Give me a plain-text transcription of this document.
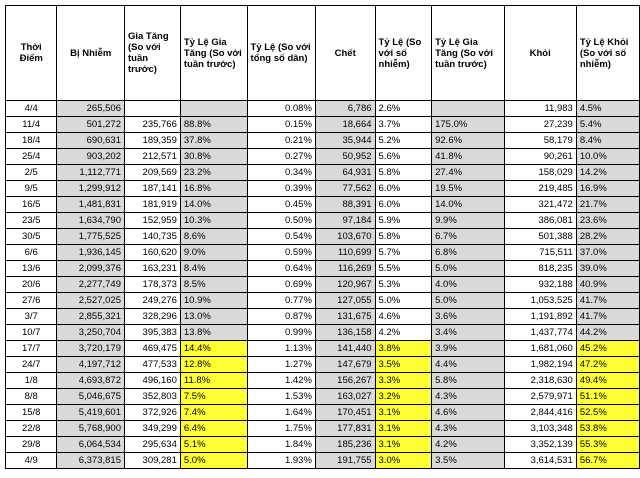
Thời Điểm	Bị Nhiễm	Gia Tăng (So với tuần trước)	Tỷ Lệ Gia Tăng (So với tuần trước)	Tỷ Lệ (So với tổng số dân)	Chết	Tỷ Lệ (So với số nhiễm)	Tỷ Lệ Gia Tăng (So với tuần trước)	Khỏi	Tỷ Lệ Khỏi (So với số nhiễm)
4/4	265,506			0.08%	6,786	2.6%		11,983	4.5%
11/4	501,272	235,766	88.8%	0.15%	18,664	3.7%	175.0%	27,239	5.4%
18/4	690,631	189,359	37.8%	0.21%	35,944	5.2%	92.6%	58,179	8.4%
25/4	903,202	212,571	30.8%	0.27%	50,952	5.6%	41.8%	90,261	10.0%
2/5	1,112,771	209,569	23.2%	0.34%	64,931	5.8%	27.4%	158,029	14.2%
9/5	1,299,912	187,141	16.8%	0.39%	77,562	6.0%	19.5%	219,485	16.9%
16/5	1,481,831	181,919	14.0%	0.45%	88,391	6.0%	14.0%	321,472	21.7%
23/5	1,634,790	152,959	10.3%	0.50%	97,184	5.9%	9.9%	386,081	23.6%
30/5	1,775,525	140,735	8.6%	0.54%	103,670	5.8%	6.7%	501,388	28.2%
6/6	1,936,145	160,620	9.0%	0.59%	110,699	5.7%	6.8%	715,511	37.0%
13/6	2,099,376	163,231	8.4%	0.64%	116,269	5.5%	5.0%	818,235	39.0%
20/6	2,277,749	178,373	8.5%	0.69%	120,967	5.3%	4.0%	932,188	40.9%
27/6	2,527,025	249,276	10.9%	0.77%	127,055	5.0%	5.0%	1,053,525	41.7%
3/7	2,855,321	328,296	13.0%	0.87%	131,675	4.6%	3.6%	1,191,892	41.7%
10/7	3,250,704	395,383	13.8%	0.99%	136,158	4.2%	3.4%	1,437,774	44.2%
17/7	3,720,179	469,475	14.4%	1.13%	141,440	3.8%	3.9%	1,681,060	45.2%
24/7	4,197,712	477,533	12.8%	1.27%	147,679	3.5%	4.4%	1,982,194	47.2%
1/8	4,693,872	496,160	11.8%	1.42%	156,267	3.3%	5.8%	2,318,630	49.4%
8/8	5,046,675	352,803	7.5%	1.53%	163,027	3.2%	4.3%	2,579,971	51.1%
15/8	5,419,601	372,926	7.4%	1.64%	170,451	3.1%	4.6%	2,844,416	52.5%
22/8	5,768,900	349,299	6.4%	1.75%	177,831	3.1%	4.3%	3,103,348	53.8%
29/8	6,064,534	295,634	5.1%	1.84%	185,236	3.1%	4.2%	3,352,139	55.3%
4/9	6,373,815	309,281	5.0%	1.93%	191,755	3.0%	3.5%	3,614,531	56.7%
